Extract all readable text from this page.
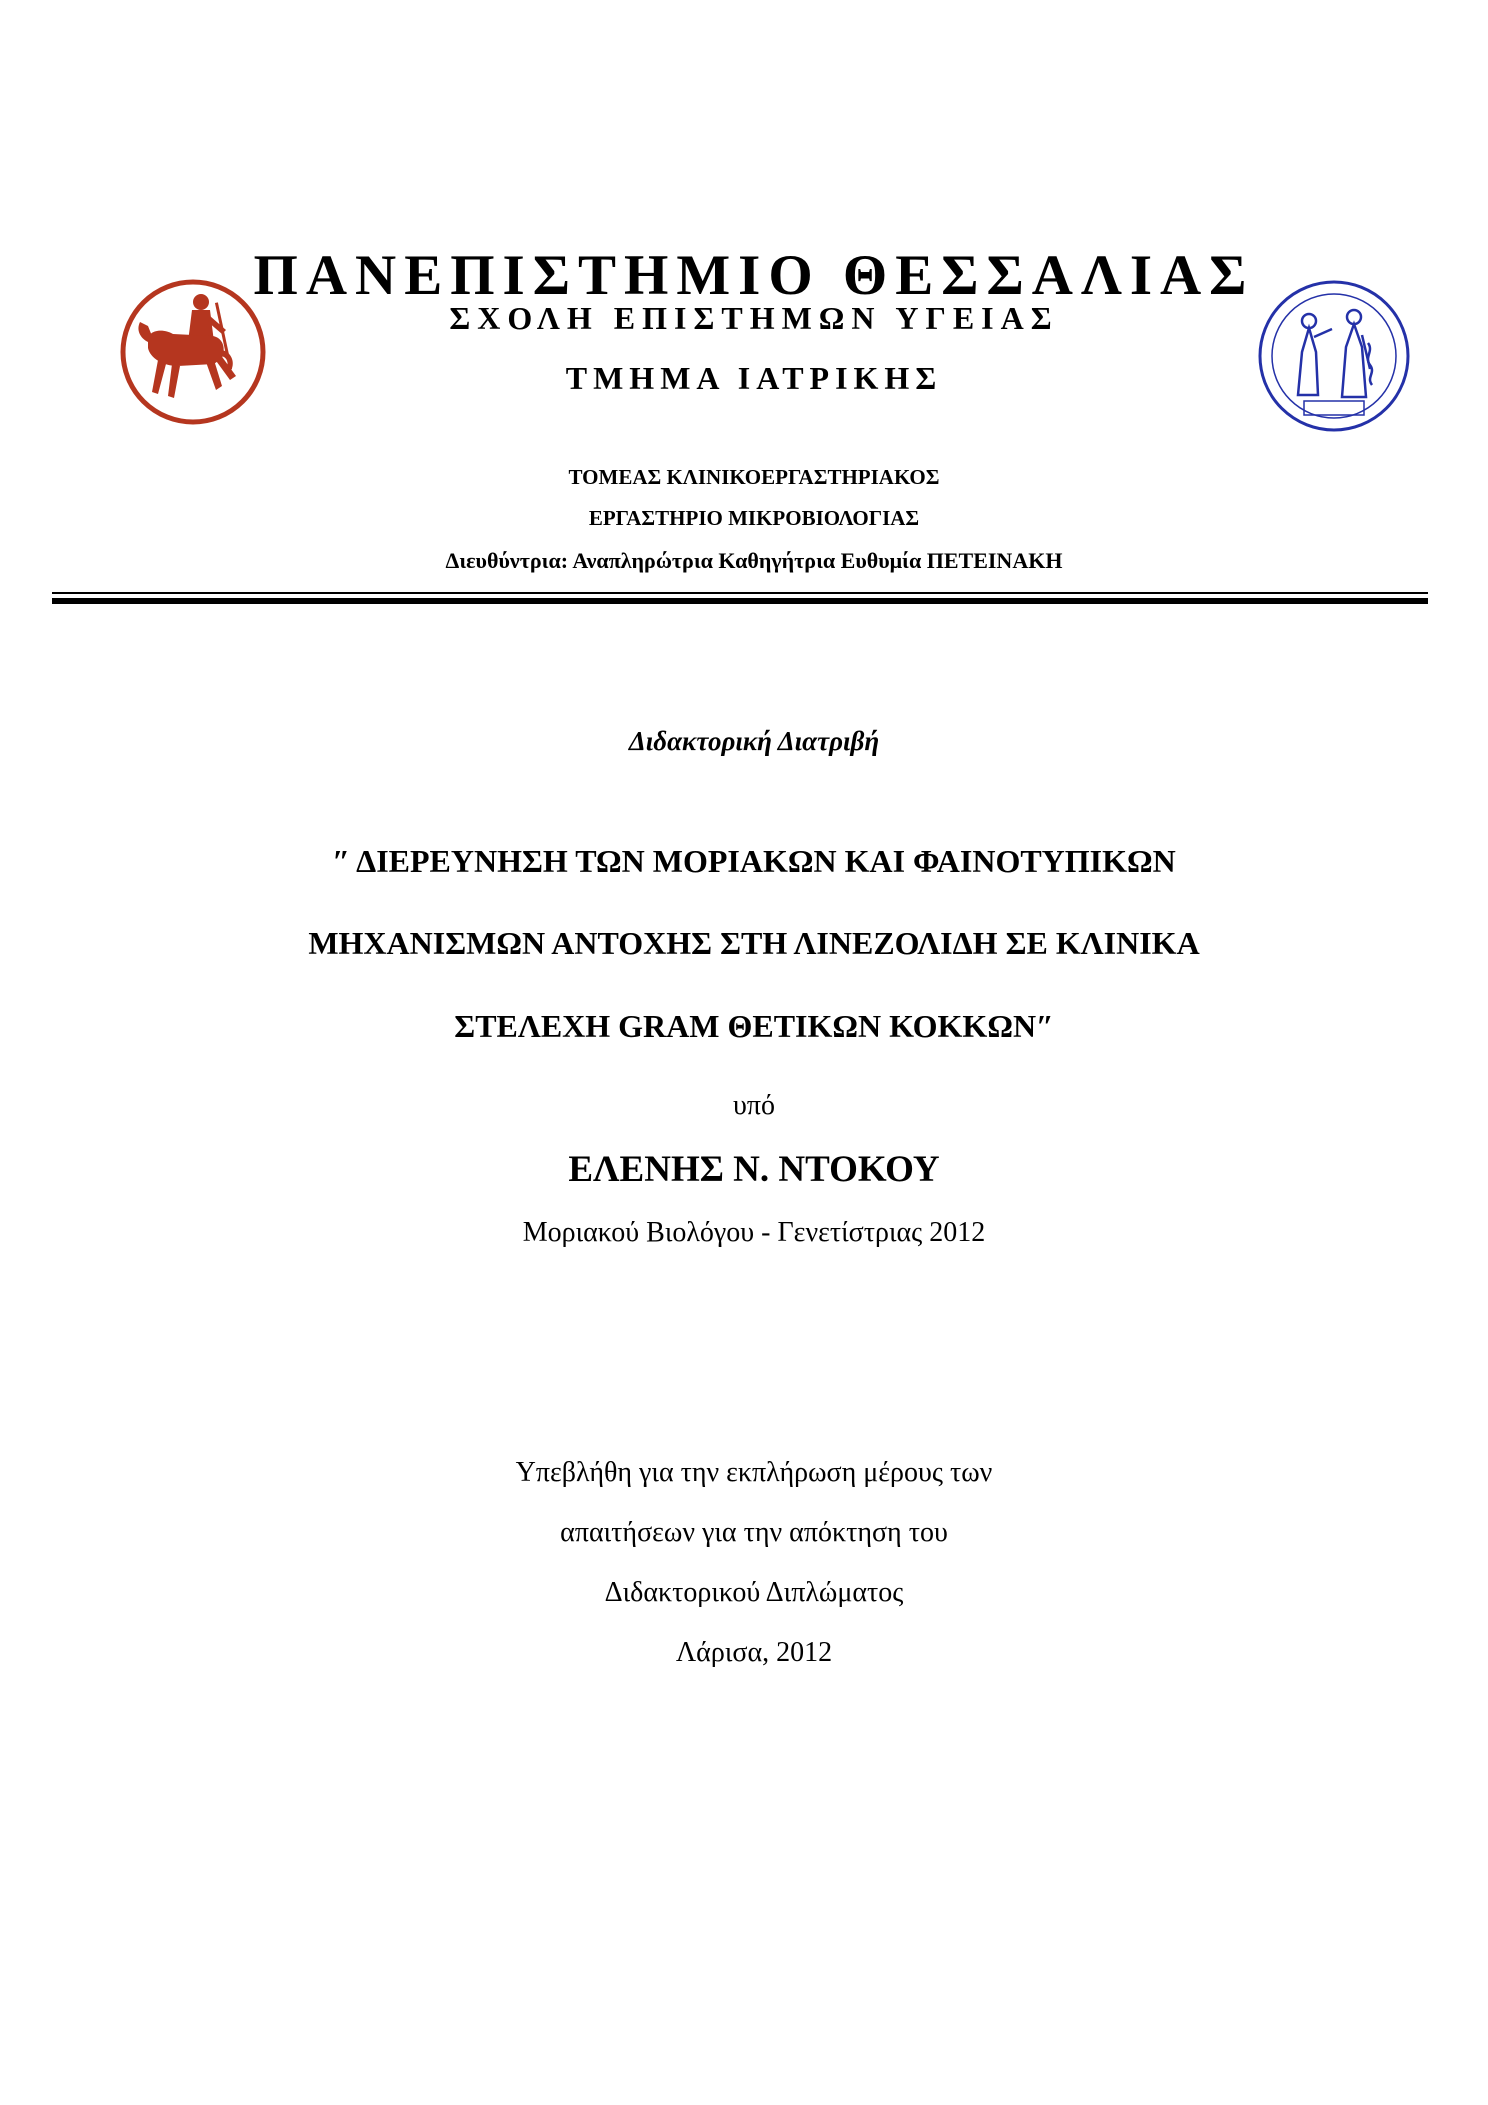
ΠΑΝΕΠΙΣΤΗΜΙΟ ΘΕΣΣΑΛΙΑΣ
ΣΧΟΛΗ ΕΠΙΣΤΗΜΩΝ ΥΓΕΙΑΣ
ΤΜΗΜΑ ΙΑΤΡΙΚΗΣ
ΤΟΜΕΑΣ ΚΛΙΝΙΚΟΕΡΓΑΣΤΗΡΙΑΚΟΣ
ΕΡΓΑΣΤΗΡΙΟ ΜΙΚΡΟΒΙΟΛΟΓΙΑΣ
Διευθύντρια: Αναπληρώτρια Καθηγήτρια Ευθυμία ΠΕΤΕΙΝΑΚΗ
Διδακτορική Διατριβή
″ ΔΙΕΡΕΥΝΗΣΗ ΤΩΝ ΜΟΡΙΑΚΩΝ ΚΑΙ ΦΑΙΝΟΤΥΠΙΚΩΝ
ΜΗΧΑΝΙΣΜΩΝ ΑΝΤΟΧΗΣ ΣΤΗ ΛΙΝΕΖΟΛΙΔΗ ΣΕ ΚΛΙΝΙΚΑ
ΣΤΕΛΕΧΗ GRAM ΘΕΤΙΚΩΝ ΚΟΚΚΩΝ″
υπό
ΕΛΕΝΗΣ Ν. ΝΤΟΚΟΥ
Μοριακού Βιολόγου - Γενετίστριας 2012
Υπεβλήθη για την εκπλήρωση μέρους των
απαιτήσεων για την απόκτηση του
Διδακτορικού Διπλώματος
Λάρισα, 2012
